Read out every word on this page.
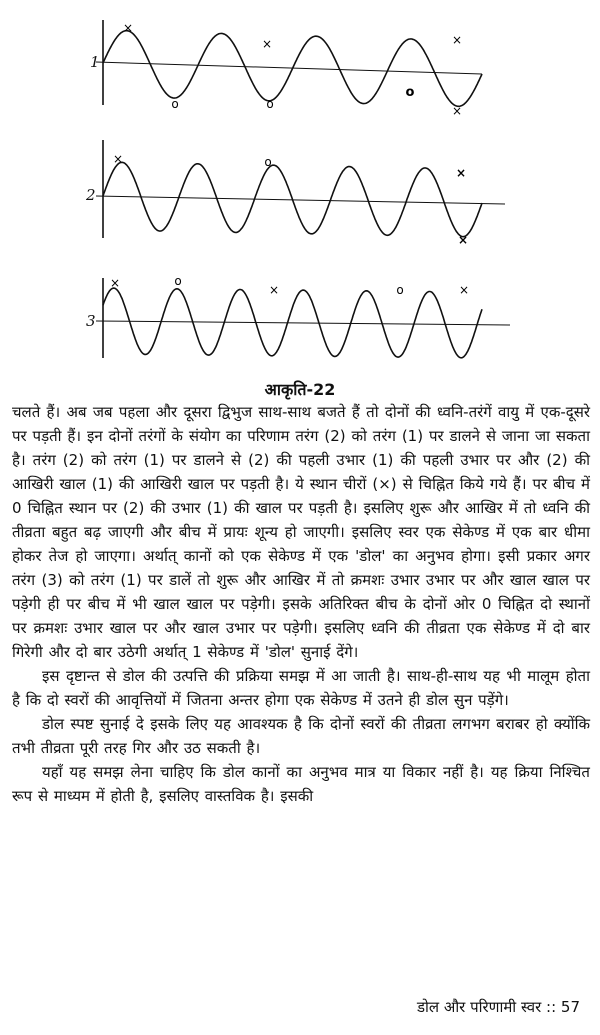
×
o	o
×
o
×
×
×	o
×
×
×	o
×	o	×
1
2
3
आकृति-22

चलते हैं। अब जब पहला और दूसरा द्विभुज साथ-साथ बजते हैं तो दोनों की ध्वनि-तरंगें वायु में एक-दूसरे पर पड़ती हैं। इन दोनों तरंगों के संयोग का परिणाम तरंग (2) को तरंग (1) पर डालने से जाना जा सकता है। तरंग (2) को तरंग (1) पर डालने से (2) की पहली उभार (1) की पहली उभार पर और (2) की आखिरी खाल (1) की आखिरी खाल पर पड़ती है। ये स्थान चीरों (×) से चिह्नित किये गये हैं। पर बीच में 0 चिह्नित स्थान पर (2) की उभार (1) की खाल पर पड़ती है। इसलिए शुरू और आखिर में तो ध्वनि की तीव्रता बहुत बढ़ जाएगी और बीच में प्रायः शून्य हो जाएगी। इसलिए स्वर एक सेकेण्ड में एक बार धीमा होकर तेज हो जाएगा। अर्थात् कानों को एक सेकेण्ड में एक 'डोल' का अनुभव होगा। इसी प्रकार अगर तरंग (3) को तरंग (1) पर डालें तो शुरू और आखिर में तो क्रमशः उभार उभार पर और खाल खाल पर पड़ेगी ही पर बीच में भी खाल खाल पर पड़ेगी। इसके अतिरिक्त बीच के दोनों ओर 0 चिह्नित दो स्थानों पर क्रमशः उभार खाल पर और खाल उभार पर पड़ेगी। इसलिए ध्वनि की तीव्रता एक सेकेण्ड में दो बार गिरेगी और दो बार उठेगी अर्थात् 1 सेकेण्ड में 'डोल' सुनाई देंगे।

इस दृष्टान्त से डोल की उत्पत्ति की प्रक्रिया समझ में आ जाती है। साथ-ही-साथ यह भी मालूम होता है कि दो स्वरों की आवृत्तियों में जितना अन्तर होगा एक सेकेण्ड में उतने ही डोल सुन पड़ेंगे।

डोल स्पष्ट सुनाई दे इसके लिए यह आवश्यक है कि दोनों स्वरों की तीव्रता लगभग बराबर हो क्योंकि तभी तीव्रता पूरी तरह गिर और उठ सकती है।

यहाँ यह समझ लेना चाहिए कि डोल कानों का अनुभव मात्र या विकार नहीं है। यह क्रिया निश्चित रूप से माध्यम में होती है, इसलिए वास्तविक है। इसकी

डोल और परिणामी स्वर :: 57
